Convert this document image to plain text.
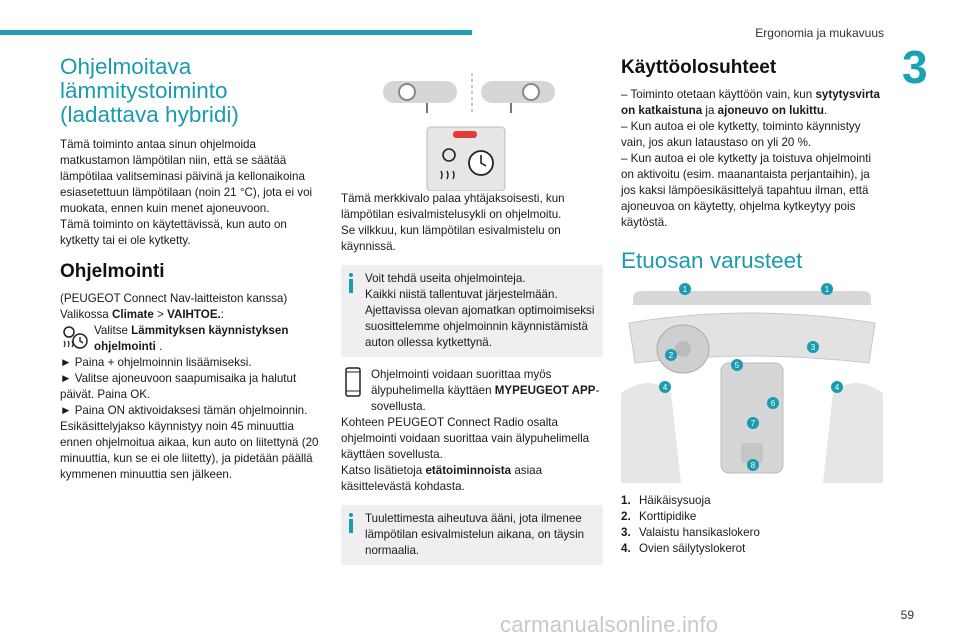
Ergonomia ja mukavuus
3
Ohjelmoitava lämmitystoiminto (ladattava hybridi)

Tämä toiminto antaa sinun ohjelmoida matkustamon lämpötilan niin, että se säätää lämpötilaa valitseminasi päivinä ja kellonaikoina esiasetettuun lämpötilaan (noin 21 °C), jota ei voi muokata, ennen kuin menet ajoneuvoon.

Tämä toiminto on käytettävissä, kun auto on kytketty tai ei ole kytketty.

Ohjelmointi

(PEUGEOT Connect Nav-laitteiston kanssa)

Valikossa Climate > VAIHTOE.:

Valitse Lämmityksen käynnistyksen ohjelmointi .

► Paina + ohjelmoinnin lisäämiseksi.

► Valitse ajoneuvoon saapumisaika ja halutut päivät. Paina OK.

► Paina ON aktivoidaksesi tämän ohjelmoinnin.

Esikäsittelyjakso käynnistyy noin 45 minuuttia ennen ohjelmoitua aikaa, kun auto on liitettynä (20 minuuttia, kun se ei ole liitetty), ja pidetään päällä kymmenen minuuttia sen jälkeen.

Tämä merkkivalo palaa yhtäjaksoisesti, kun lämpötilan esivalmistelusykli on ohjelmoitu.
Se vilkkuu, kun lämpötilan esivalmistelu on käynnissä.

Voit tehdä useita ohjelmointeja.
Kaikki niistä tallentuvat järjestelmään. Ajettavissa olevan ajomatkan optimoimiseksi suosittelemme ohjelmoinnin käynnistämistä auton ollessa kytkettynä.

Ohjelmointi voidaan suorittaa myös älypuhelimella käyttäen MYPEUGEOT APP-sovellusta.

Kohteen PEUGEOT Connect Radio osalta ohjelmointi voidaan suorittaa vain älypuhelimella käyttäen sovellusta.

Katso lisätietoja etätoiminnoista asiaa käsittelevästä kohdasta.

Tuulettimesta aiheutuva ääni, jota ilmenee lämpötilan esivalmistelun aikana, on täysin normaalia.

Käyttöolosuhteet

– Toiminto otetaan käyttöön vain, kun sytytysvirta on katkaistuna ja ajoneuvo on lukittu.

– Kun autoa ei ole kytketty, toiminto käynnistyy vain, jos akun lataustaso on yli 20 %.

– Kun autoa ei ole kytketty ja toistuva ohjelmointi on aktivoitu (esim. maanantaista perjantaihin), ja jos kaksi lämpöesikäsittelyä tapahtuu ilman, että ajoneuvoa on käytetty, ohjelma kytkeytyy pois käytöstä.

Etuosan varusteet
1	1
2
3
4	4
5
6
7
8
1. Häikäisysuoja
2. Korttipidike
3. Valaistu hansikaslokero
4. Ovien säilytyslokerot
carmanualsonline.info	59
